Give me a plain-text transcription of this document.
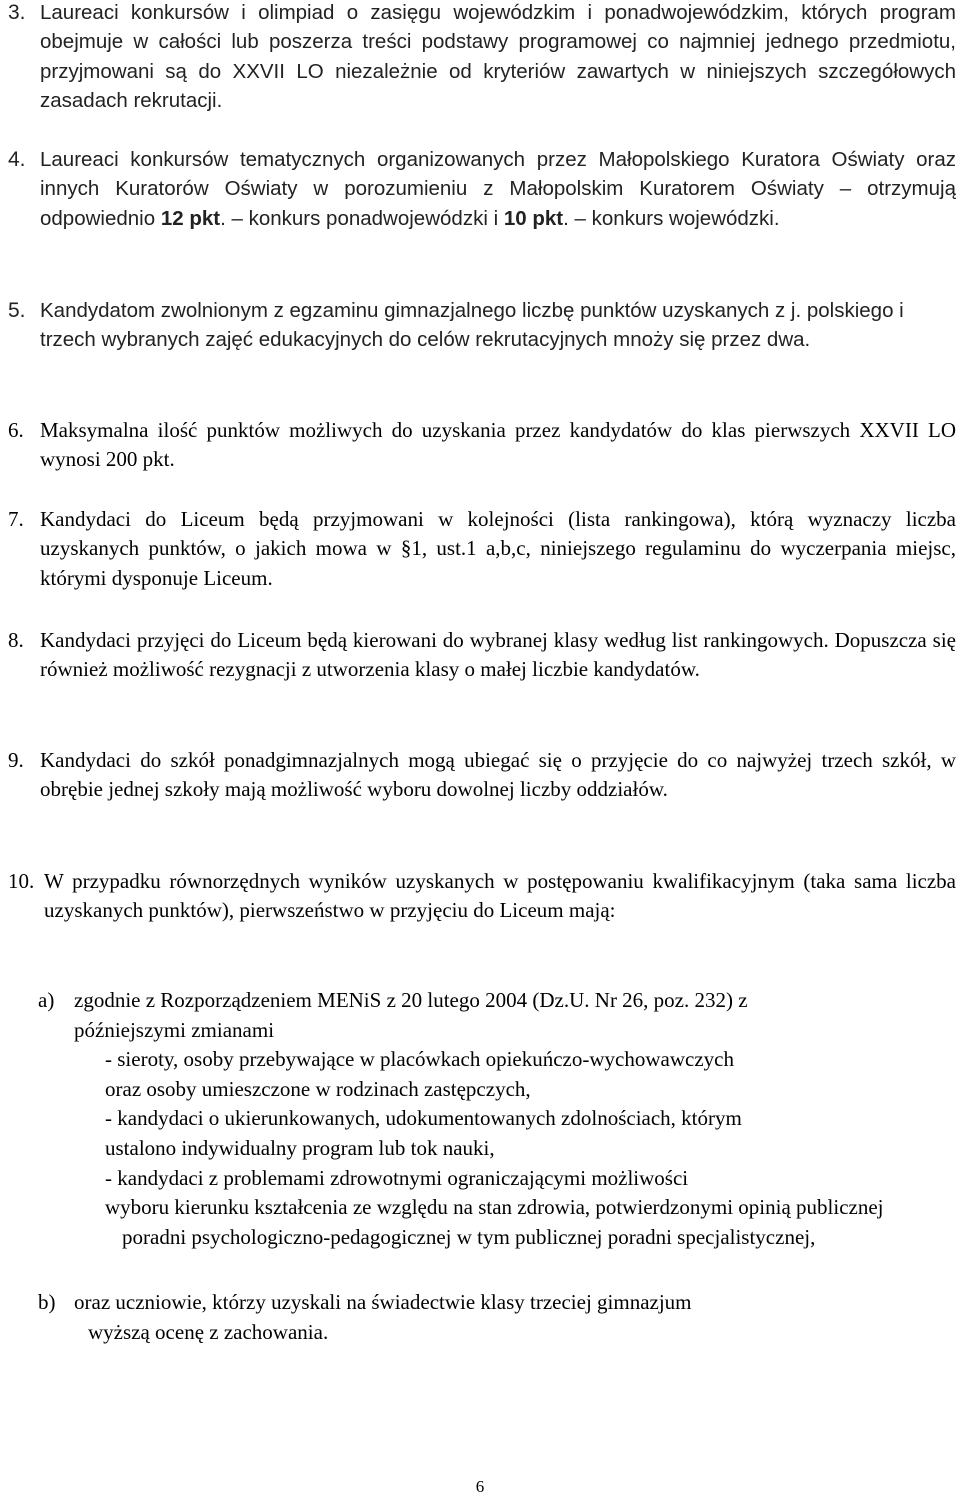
3. Laureaci konkursów i olimpiad o zasięgu wojewódzkim i ponadwojewódzkim, których program obejmuje w całości lub poszerza treści podstawy programowej co najmniej jednego przedmiotu, przyjmowani są do XXVII LO niezależnie od kryteriów zawartych w niniejszych szczegółowych zasadach rekrutacji.
4. Laureaci konkursów tematycznych organizowanych przez Małopolskiego Kuratora Oświaty oraz innych Kuratorów Oświaty w porozumieniu z Małopolskim Kuratorem Oświaty – otrzymują odpowiednio 12 pkt. – konkurs ponadwojewódzki i 10 pkt. – konkurs wojewódzki.
5. Kandydatom zwolnionym z egzaminu gimnazjalnego liczbę punktów uzyskanych z j. polskiego i trzech wybranych zajęć edukacyjnych do celów rekrutacyjnych mnoży się przez dwa.
6. Maksymalna ilość punktów możliwych do uzyskania przez kandydatów do klas pierwszych XXVII LO wynosi 200 pkt.
7. Kandydaci do Liceum będą przyjmowani w kolejności (lista rankingowa), którą wyznaczy liczba uzyskanych punktów, o jakich mowa w §1, ust.1 a,b,c, niniejszego regulaminu do wyczerpania miejsc, którymi dysponuje Liceum.
8. Kandydaci przyjęci do Liceum będą kierowani do wybranej klasy według list rankingowych. Dopuszcza się również możliwość rezygnacji z utworzenia klasy o małej liczbie kandydatów.
9. Kandydaci do szkół ponadgimnazjalnych mogą ubiegać się o przyjęcie do co najwyżej trzech szkół, w obrębie jednej szkoły mają możliwość wyboru dowolnej liczby oddziałów.
10. W przypadku równorzędnych wyników uzyskanych w postępowaniu kwalifikacyjnym (taka sama liczba uzyskanych punktów), pierwszeństwo w przyjęciu do Liceum mają:
a) zgodnie z Rozporządzeniem MENiS z 20 lutego 2004 (Dz.U. Nr 26, poz. 232) z
późniejszymi zmianami
- sieroty, osoby przebywające w placówkach opiekuńczo-wychowawczych
oraz osoby umieszczone w rodzinach zastępczych,
- kandydaci o ukierunkowanych, udokumentowanych zdolnościach, którym
ustalono indywidualny program lub tok nauki,
- kandydaci z problemami zdrowotnymi ograniczającymi możliwości
wyboru kierunku kształcenia ze względu na stan zdrowia, potwierdzonymi opinią publicznej poradni psychologiczno-pedagogicznej w tym publicznej poradni specjalistycznej,
b) oraz uczniowie, którzy uzyskali na świadectwie klasy trzeciej gimnazjum
wyższą ocenę z zachowania.
6
